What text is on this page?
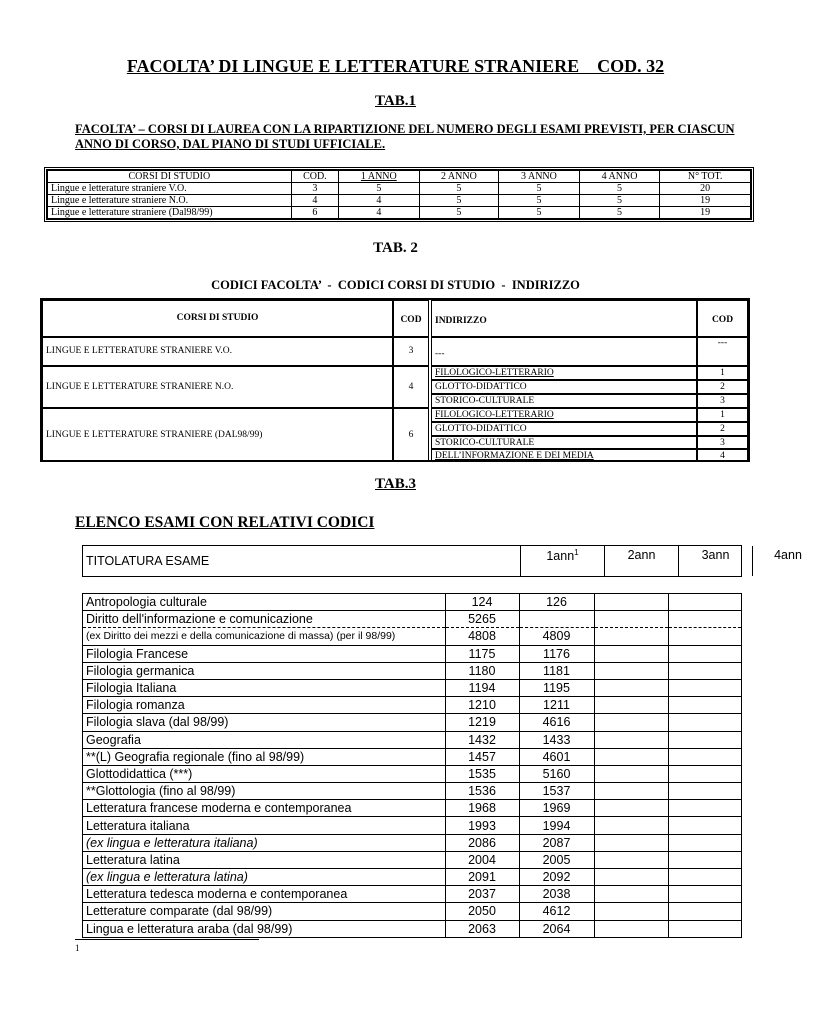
FACOLTA’ DI LINGUE E LETTERATURE STRANIERE    COD. 32
TAB.1
FACOLTA’ – CORSI DI LAUREA CON LA RIPARTIZIONE DEL NUMERO DEGLI ESAMI PREVISTI, PER CIASCUN ANNO DI CORSO, DAL PIANO DI STUDI UFFICIALE.
CORSI DI STUDIO	COD.	1 ANNO	2 ANNO	3 ANNO	4 ANNO	N° TOT.
Lingue e letterature straniere V.O.	3	5	5	5	5	20
Lingue e letterature straniere N.O.	4	4	5	5	5	19
Lingue e letterature straniere (Dal98/99)	6	4	5	5	5	19
TAB. 2
CODICI FACOLTA’  -  CODICI CORSI DI STUDIO  -  INDIRIZZO
CORSI DI STUDIO	COD	INDIRIZZO	COD
LINGUE E LETTERATURE STRANIERE V.O.	3	---
---
LINGUE E LETTERATURE STRANIERE N.O.	4
FILOLOGICO-LETTERARIO	1
GLOTTO-DIDATTICO	2
STORICO-CULTURALE	3
LINGUE E LETTERATURE STRANIERE (DAL98/99)	6
FILOLOGICO-LETTERARIO	1
GLOTTO-DIDATTICO	2
STORICO-CULTURALE	3
DELL’INFORMAZIONE E DEI MEDIA	4
TAB.3
ELENCO ESAMI CON RELATIVI CODICI
TITOLATURA ESAME	1ann$^1$	2ann	3ann	4ann
Antropologia culturale	124	126		
Diritto dell'informazione e comunicazione	5265			
(ex Diritto dei mezzi e della comunicazione di massa) (per il 98/99)	4808	4809		
Filologia Francese	1175	1176		
Filologia germanica	1180	1181		
Filologia Italiana	1194	1195		
Filologia romanza	1210	1211		
Filologia slava (dal 98/99)	1219	4616		
Geografia	1432	1433		
**(L) Geografia regionale (fino al 98/99)	1457	4601		
Glottodidattica (***)	1535	5160		
**Glottologia (fino al 98/99)	1536	1537		
Letteratura francese moderna e contemporanea	1968	1969		
Letteratura italiana	1993	1994		
(ex lingua e letteratura italiana)	2086	2087		
Letteratura latina	2004	2005		
(ex lingua e letteratura latina)	2091	2092		
Letteratura tedesca moderna e contemporanea	2037	2038		
Letterature comparate (dal 98/99)	2050	4612		
Lingua e letteratura araba (dal 98/99)	2063	2064		
1
